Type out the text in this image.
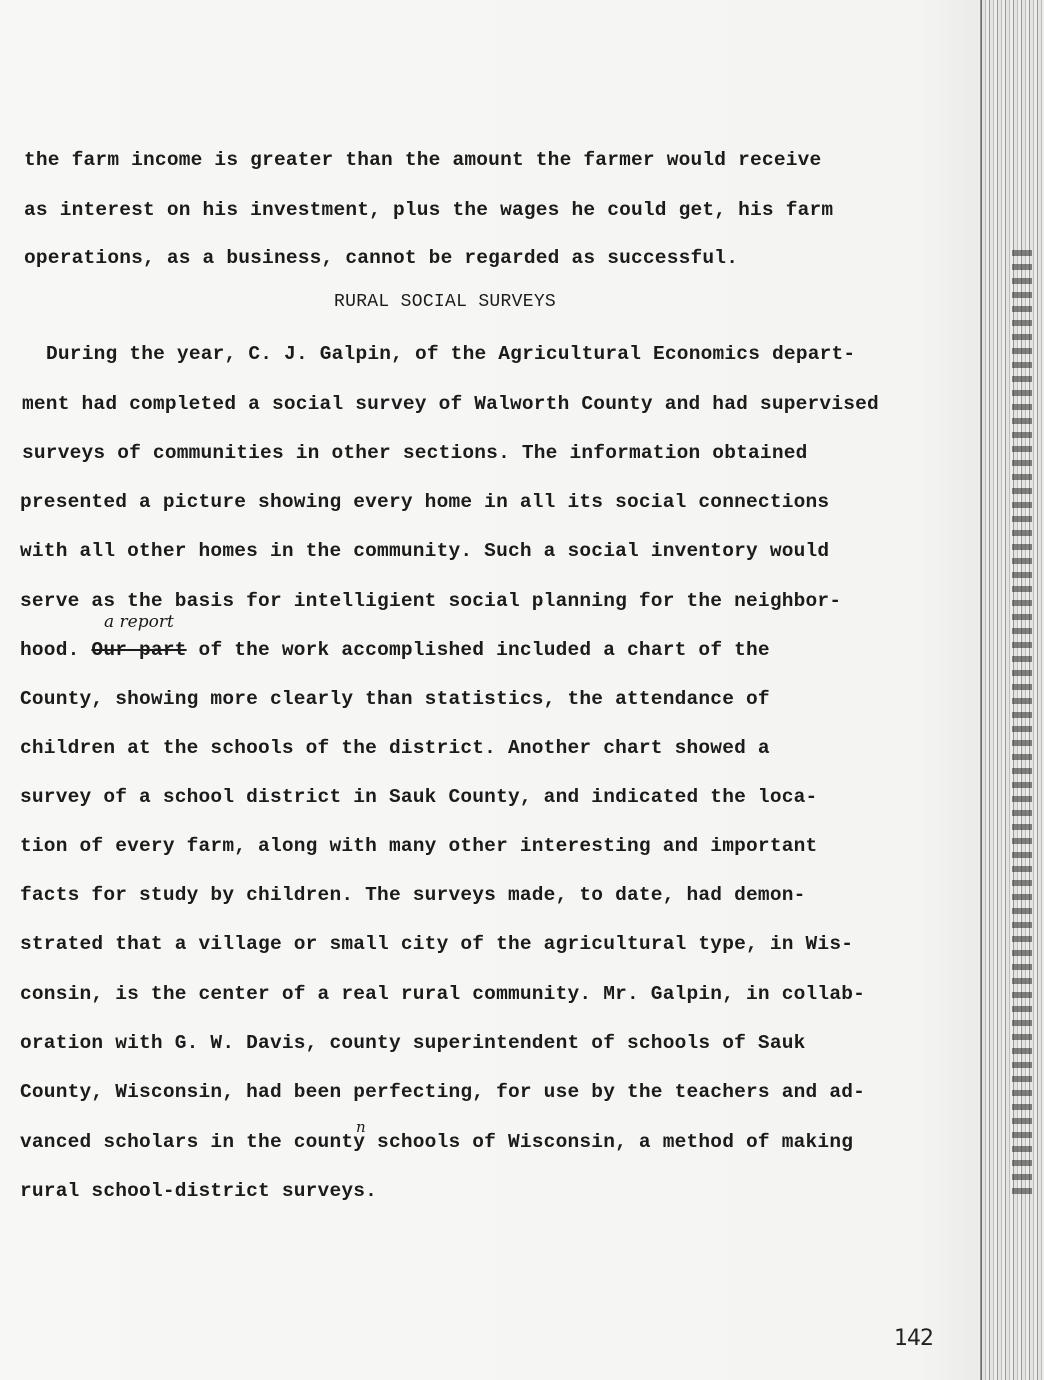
the farm income is greater than the amount the farmer would receive
as interest on his investment, plus the wages he could get, his farm
operations, as a business, cannot be regarded as successful.
RURAL SOCIAL SURVEYS
During the year, C. J. Galpin, of the Agricultural Economics depart-
ment had completed a social survey of Walworth County and had supervised
surveys of communities in other sections. The information obtained
presented a picture showing every home in all its social connections
with all other homes in the community. Such a social inventory would
serve as the basis for intelligient social planning for the neighbor-
a report
hood. Our part of the work accomplished included a chart of the
County, showing more clearly than statistics, the attendance of
children at the schools of the district. Another chart showed a
survey of a school district in Sauk County, and indicated the loca-
tion of every farm, along with many other interesting and important
facts for study by children. The surveys made, to date, had demon-
strated that a village or small city of the agricultural type, in Wis-
consin, is the center of a real rural community. Mr. Galpin, in collab-
oration with G. W. Davis, county superintendent of schools of Sauk
County, Wisconsin, had been perfecting, for use by the teachers and ad-
n
vanced scholars in the county schools of Wisconsin, a method of making
rural school-district surveys.
142
